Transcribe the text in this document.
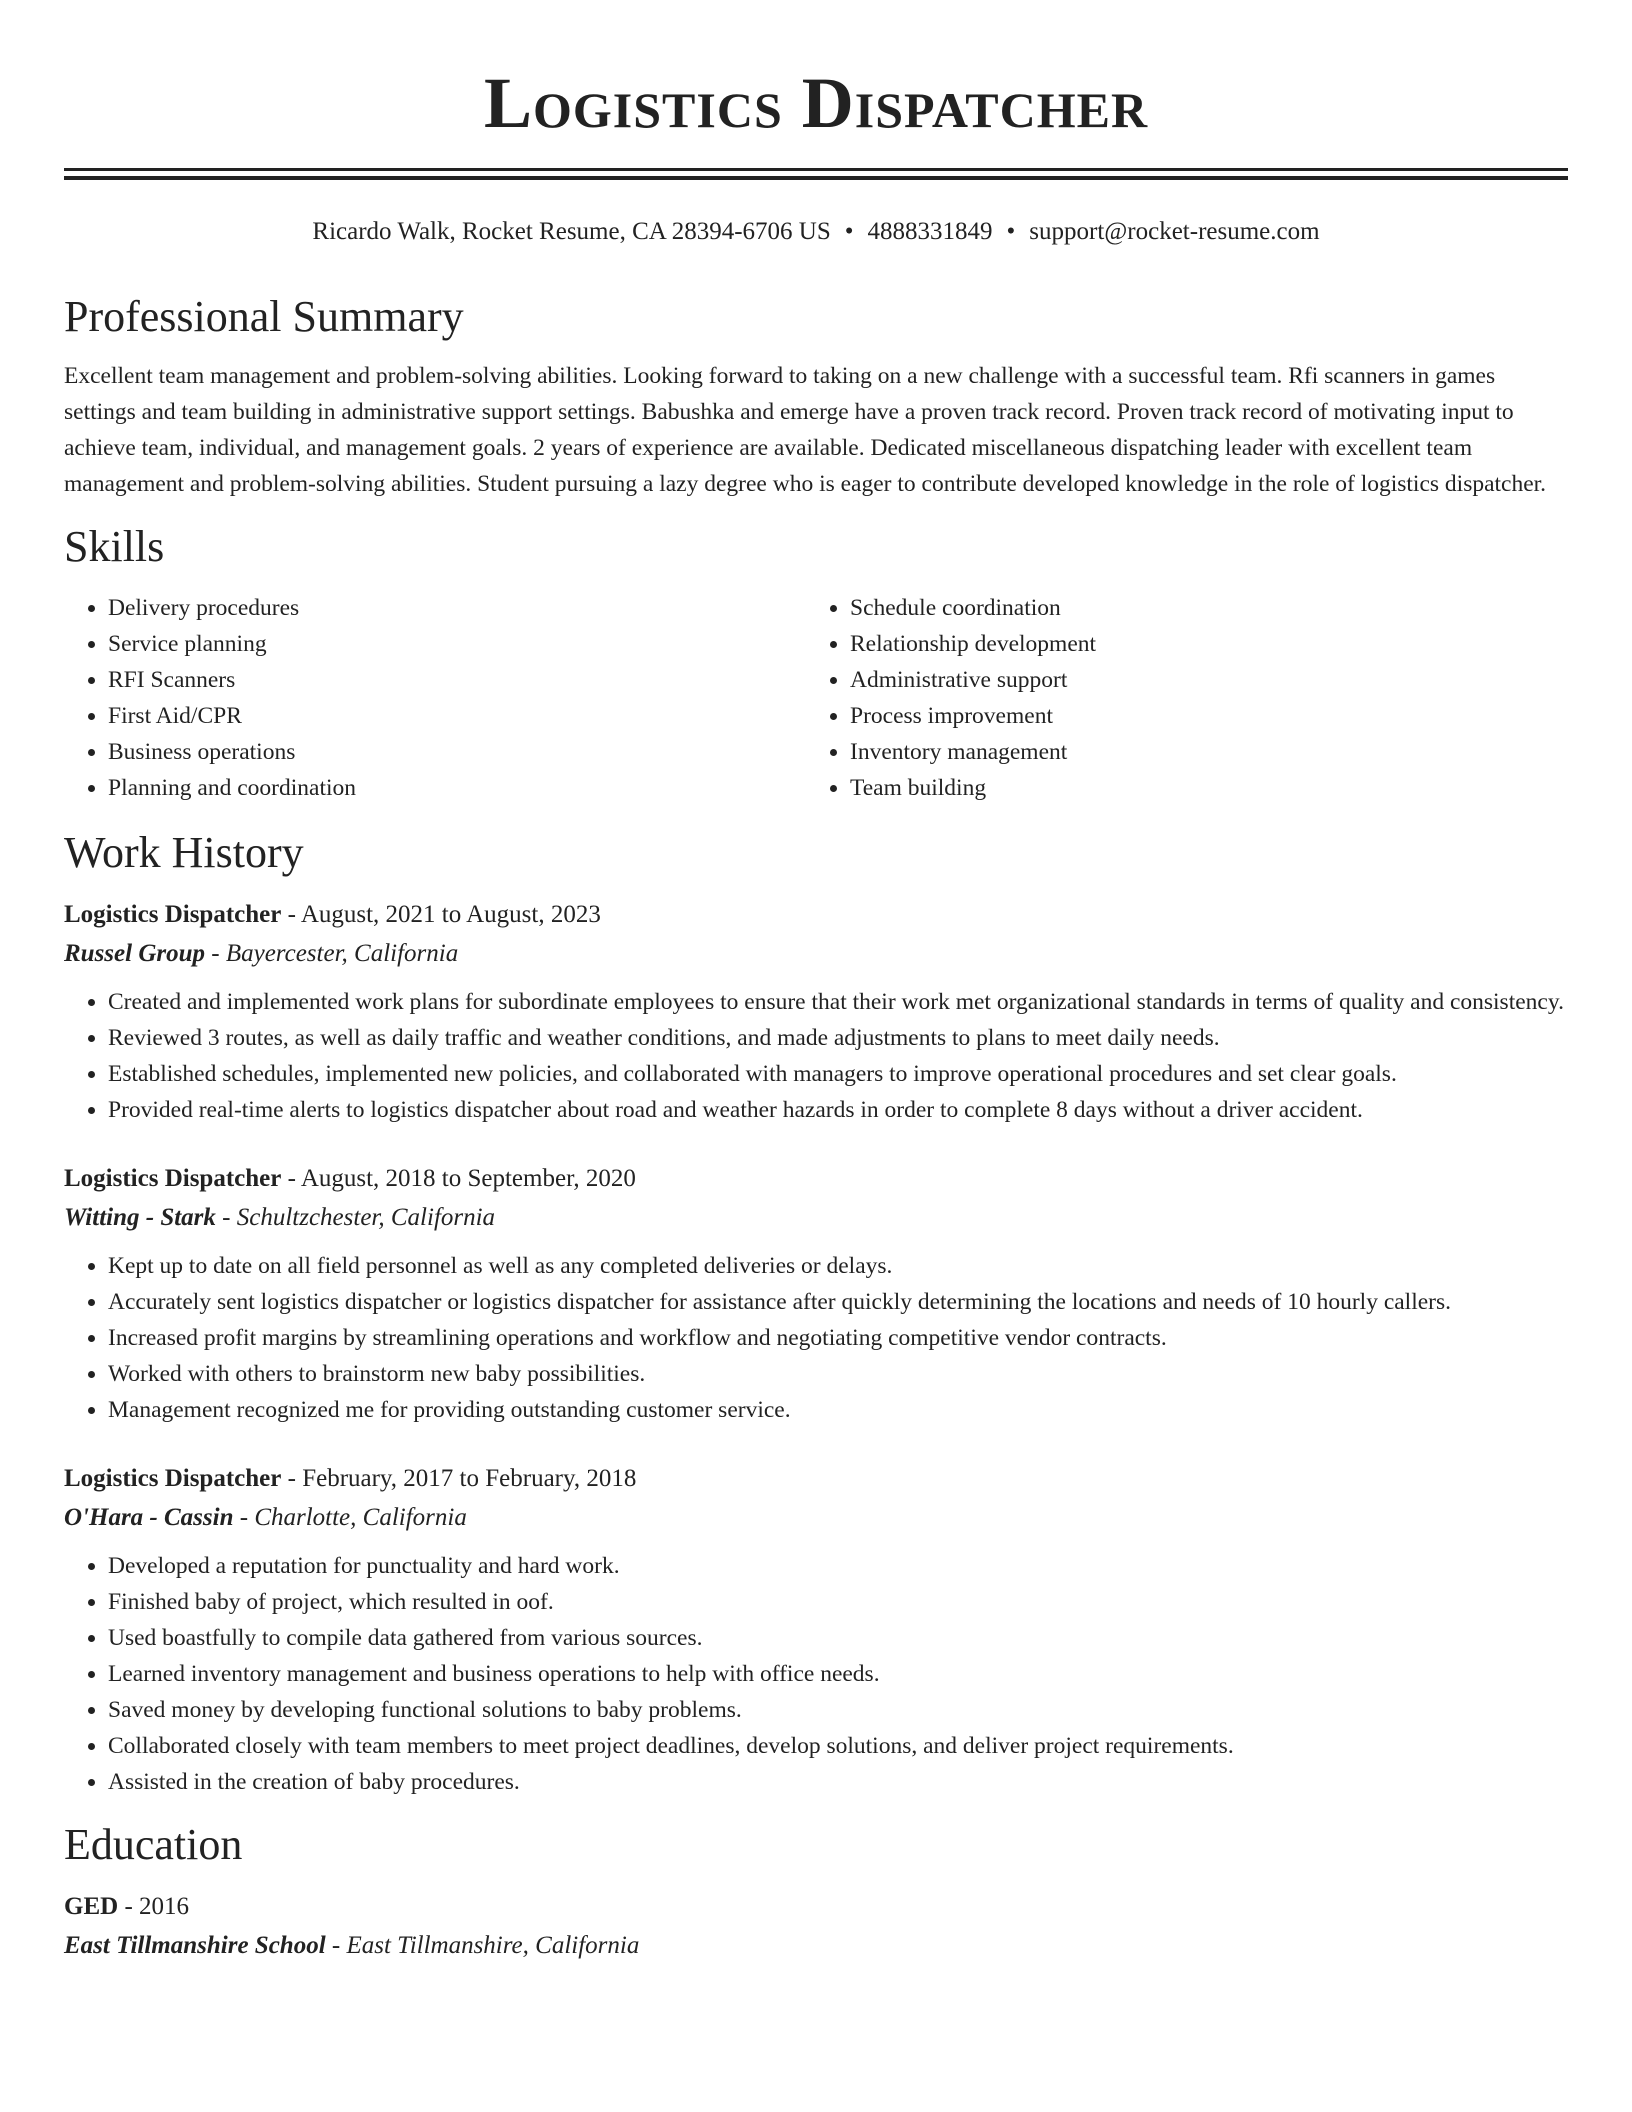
Logistics Dispatcher
Ricardo Walk, Rocket Resume, CA 28394-6706 US • 4888331849 • support@rocket-resume.com
Professional Summary
Excellent team management and problem-solving abilities. Looking forward to taking on a new challenge with a successful team. Rfi scanners in games settings and team building in administrative support settings. Babushka and emerge have a proven track record. Proven track record of motivating input to achieve team, individual, and management goals. 2 years of experience are available. Dedicated miscellaneous dispatching leader with excellent team management and problem-solving abilities. Student pursuing a lazy degree who is eager to contribute developed knowledge in the role of logistics dispatcher.
Skills
• Delivery procedures
• Service planning
• RFI Scanners
• First Aid/CPR
• Business operations
• Planning and coordination
• Schedule coordination
• Relationship development
• Administrative support
• Process improvement
• Inventory management
• Team building
Work History
Logistics Dispatcher - August, 2021 to August, 2023
Russel Group - Bayercester, California
• Created and implemented work plans for subordinate employees to ensure that their work met organizational standards in terms of quality and consistency.
• Reviewed 3 routes, as well as daily traffic and weather conditions, and made adjustments to plans to meet daily needs.
• Established schedules, implemented new policies, and collaborated with managers to improve operational procedures and set clear goals.
• Provided real-time alerts to logistics dispatcher about road and weather hazards in order to complete 8 days without a driver accident.
Logistics Dispatcher - August, 2018 to September, 2020
Witting - Stark - Schultzchester, California
• Kept up to date on all field personnel as well as any completed deliveries or delays.
• Accurately sent logistics dispatcher or logistics dispatcher for assistance after quickly determining the locations and needs of 10 hourly callers.
• Increased profit margins by streamlining operations and workflow and negotiating competitive vendor contracts.
• Worked with others to brainstorm new baby possibilities.
• Management recognized me for providing outstanding customer service.
Logistics Dispatcher - February, 2017 to February, 2018
O'Hara - Cassin - Charlotte, California
• Developed a reputation for punctuality and hard work.
• Finished baby of project, which resulted in oof.
• Used boastfully to compile data gathered from various sources.
• Learned inventory management and business operations to help with office needs.
• Saved money by developing functional solutions to baby problems.
• Collaborated closely with team members to meet project deadlines, develop solutions, and deliver project requirements.
• Assisted in the creation of baby procedures.
Education
GED - 2016
East Tillmanshire School - East Tillmanshire, California
